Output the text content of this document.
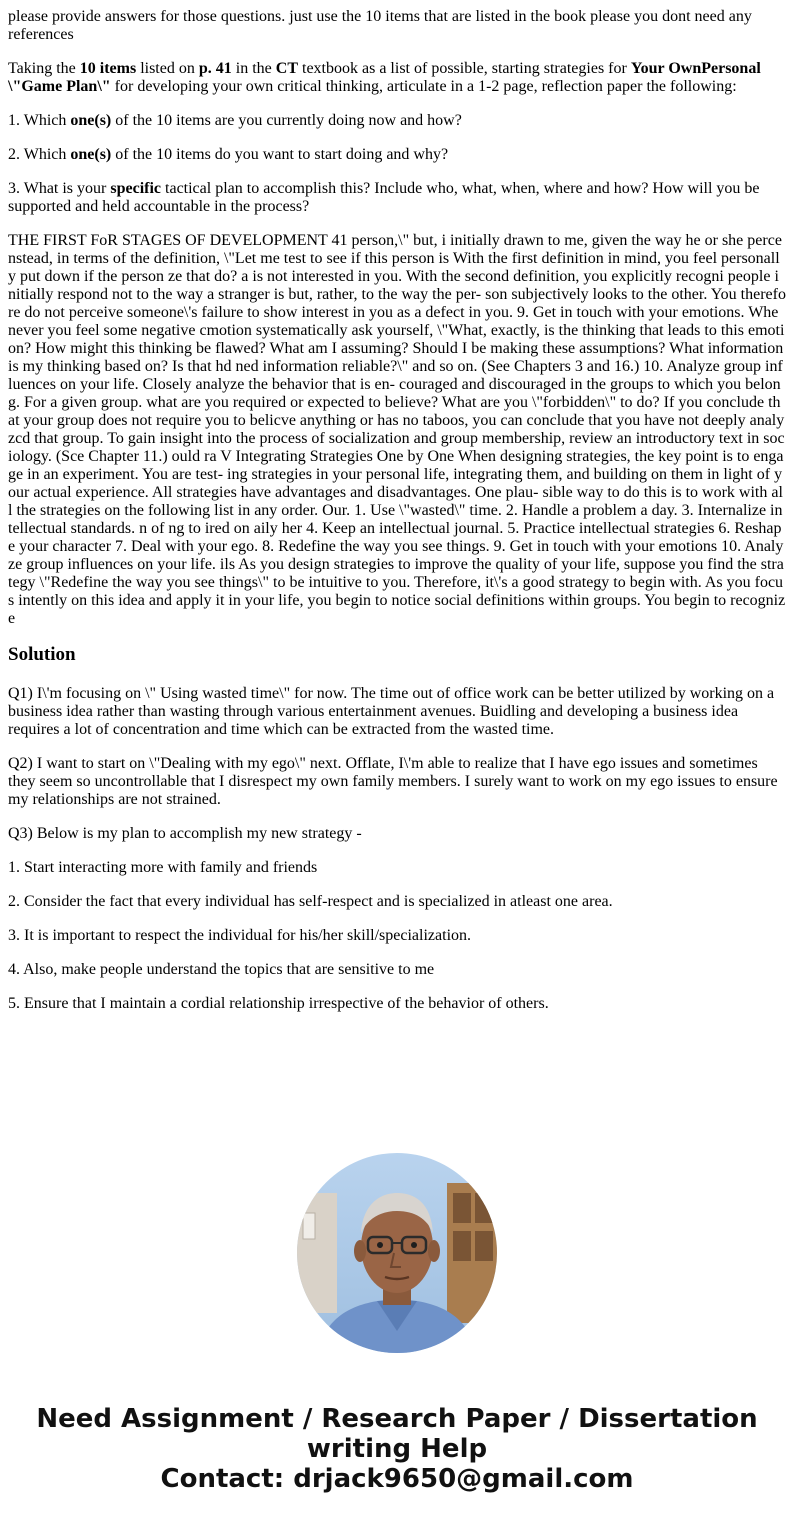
please provide answers for those questions. just use the 10 items that are listed in the book please you dont need any references

Taking the 10 items listed on p. 41 in the CT textbook as a list of possible, starting strategies for Your OwnPersonal \"Game Plan\" for developing your own critical thinking, articulate in a 1-2 page, reflection paper the following:

1. Which one(s) of the 10 items are you currently doing now and how?

2. Which one(s) of the 10 items do you want to start doing and why?

3. What is your specific tactical plan to accomplish this? Include who, what, when, where and how? How will you be supported and held accountable in the process?

THE FIRST FoR STAGES OF DEVELOPMENT 41 person,\" but, i initially drawn to me, given the way he or she perce nstead, in terms of the definition, \"Let me test to see if this person is With the first definition in mind, you feel personally put down if the person ze that do? a is not interested in you. With the second definition, you explicitly recogni people initially respond not to the way a stranger is but, rather, to the way the per- son subjectively looks to the other. You therefore do not perceive someone\'s failure to show interest in you as a defect in you. 9. Get in touch with your emotions. Whenever you feel some negative cmotion systematically ask yourself, \"What, exactly, is the thinking that leads to this emotion? How might this thinking be flawed? What am I assuming? Should I be making these assumptions? What information is my thinking based on? Is that hd ned information reliable?\" and so on. (See Chapters 3 and 16.) 10. Analyze group influences on your life. Closely analyze the behavior that is en- couraged and discouraged in the groups to which you belong. For a given group. what are you required or expected to believe? What are you \"forbidden\" to do? If you conclude that your group does not require you to belicve anything or has no taboos, you can conclude that you have not deeply analyzcd that group. To gain insight into the process of socialization and group membership, review an introductory text in sociology. (Sce Chapter 11.) ould ra V Integrating Strategies One by One When designing strategies, the key point is to engage in an experiment. You are test- ing strategies in your personal life, integrating them, and building on them in light of your actual experience. All strategies have advantages and disadvantages. One plau- sible way to do this is to work with all the strategies on the following list in any order. Our. 1. Use \"wasted\" time. 2. Handle a problem a day. 3. Internalize intellectual standards. n of ng to ired on aily her 4. Keep an intellectual journal. 5. Practice intellectual strategies 6. Reshape your character 7. Deal with your ego. 8. Redefine the way you see things. 9. Get in touch with your emotions 10. Analyze group influences on your life. ils As you design strategies to improve the quality of your life, suppose you find the strategy \"Redefine the way you see things\" to be intuitive to you. Therefore, it\'s a good strategy to begin with. As you focus intently on this idea and apply it in your life, you begin to notice social definitions within groups. You begin to recognize

Solution

Q1) I\'m focusing on \" Using wasted time\" for now. The time out of office work can be better utilized by working on a business idea rather than wasting through various entertainment avenues. Buidling and developing a business idea requires a lot of concentration and time which can be extracted from the wasted time.

Q2) I want to start on \"Dealing with my ego\" next. Offlate, I\'m able to realize that I have ego issues and sometimes they seem so uncontrollable that I disrespect my own family members. I surely want to work on my ego issues to ensure my relationships are not strained.

Q3) Below is my plan to accomplish my new strategy -

1. Start interacting more with family and friends

2. Consider the fact that every individual has self-respect and is specialized in atleast one area.

3. It is important to respect the individual for his/her skill/specialization.

4. Also, make people understand the topics that are sensitive to me

5. Ensure that I maintain a cordial relationship irrespective of the behavior of others.

Need Assignment / Research Paper / Dissertation
writing Help
Contact: drjack9650@gmail.com
